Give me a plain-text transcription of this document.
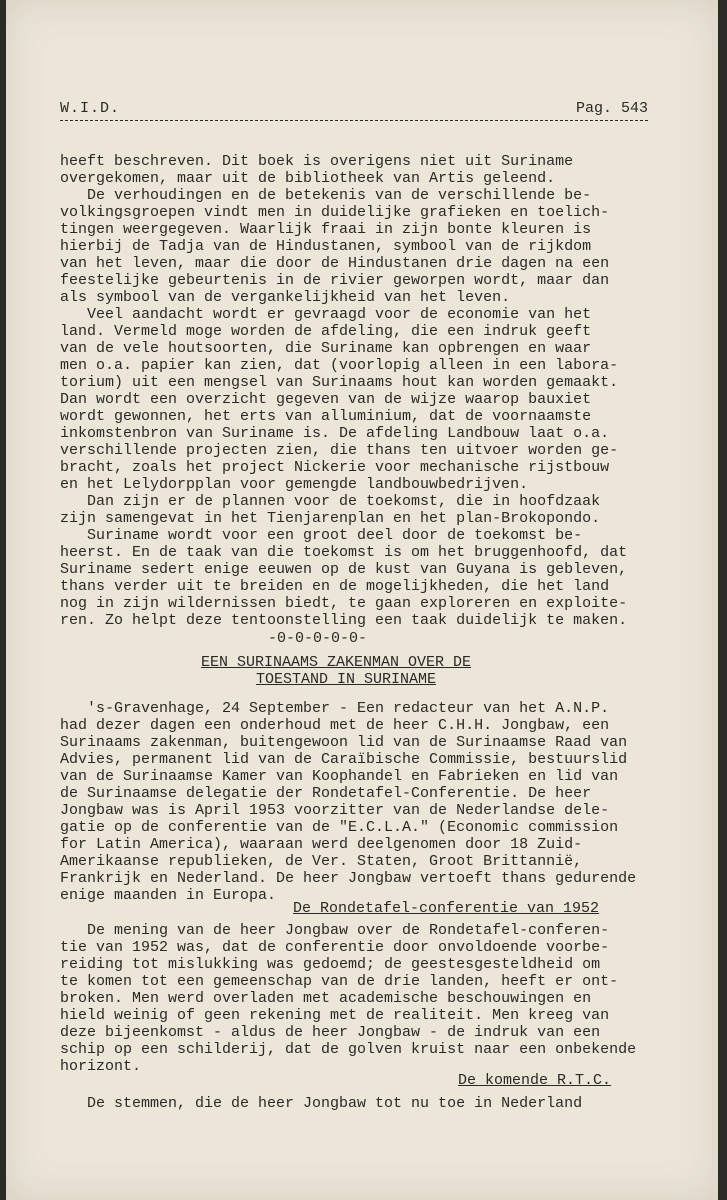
W.I.D.	Pag. 543
heeft beschreven. Dit boek is overigens niet uit Suriname
overgekomen, maar uit de bibliotheek van Artis geleend.
De verhoudingen en de betekenis van de verschillende be-
volkingsgroepen vindt men in duidelijke grafieken en toelich-
tingen weergegeven. Waarlijk fraai in zijn bonte kleuren is
hierbij de Tadja van de Hindustanen, symbool van de rijkdom
van het leven, maar die door de Hindustanen drie dagen na een
feestelijke gebeurtenis in de rivier geworpen wordt, maar dan
als symbool van de vergankelijkheid van het leven.
Veel aandacht wordt er gevraagd voor de economie van het
land. Vermeld moge worden de afdeling, die een indruk geeft
van de vele houtsoorten, die Suriname kan opbrengen en waar
men o.a. papier kan zien, dat (voorlopig alleen in een labora-
torium) uit een mengsel van Surinaams hout kan worden gemaakt.
Dan wordt een overzicht gegeven van de wijze waarop bauxiet
wordt gewonnen, het erts van alluminium, dat de voornaamste
inkomstenbron van Suriname is. De afdeling Landbouw laat o.a.
verschillende projecten zien, die thans ten uitvoer worden ge-
bracht, zoals het project Nickerie voor mechanische rijstbouw
en het Lelydorpplan voor gemengde landbouwbedrijven.
Dan zijn er de plannen voor de toekomst, die in hoofdzaak
zijn samengevat in het Tienjarenplan en het plan-Brokopondo.
Suriname wordt voor een groot deel door de toekomst be-
heerst. En de taak van die toekomst is om het bruggenhoofd, dat
Suriname sedert enige eeuwen op de kust van Guyana is gebleven,
thans verder uit te breiden en de mogelijkheden, die het land
nog in zijn wildernissen biedt, te gaan exploreren en exploite-
ren. Zo helpt deze tentoonstelling een taak duidelijk te maken.
-0-0-0-0-0-
EEN SURINAAMS ZAKENMAN OVER DE
TOESTAND IN SURINAME
's-Gravenhage, 24 September - Een redacteur van het A.N.P.
had dezer dagen een onderhoud met de heer C.H.H. Jongbaw, een
Surinaams zakenman, buitengewoon lid van de Surinaamse Raad van
Advies, permanent lid van de Caraïbische Commissie, bestuurslid
van de Surinaamse Kamer van Koophandel en Fabrieken en lid van
de Surinaamse delegatie der Rondetafel-Conferentie. De heer
Jongbaw was is April 1953 voorzitter van de Nederlandse dele-
gatie op de conferentie van de "E.C.L.A." (Economic commission
for Latin America), waaraan werd deelgenomen door 18 Zuid-
Amerikaanse republieken, de Ver. Staten, Groot Brittannië,
Frankrijk en Nederland. De heer Jongbaw vertoeft thans gedurende
enige maanden in Europa.
De Rondetafel-conferentie van 1952
De mening van de heer Jongbaw over de Rondetafel-conferen-
tie van 1952 was, dat de conferentie door onvoldoende voorbe-
reiding tot mislukking was gedoemd; de geestesgesteldheid om
te komen tot een gemeenschap van de drie landen, heeft er ont-
broken. Men werd overladen met academische beschouwingen en
hield weinig of geen rekening met de realiteit. Men kreeg van
deze bijeenkomst - aldus de heer Jongbaw - de indruk van een
schip op een schilderij, dat de golven kruist naar een onbekende
horizont.
De komende R.T.C.
De stemmen, die de heer Jongbaw tot nu toe in Nederland
